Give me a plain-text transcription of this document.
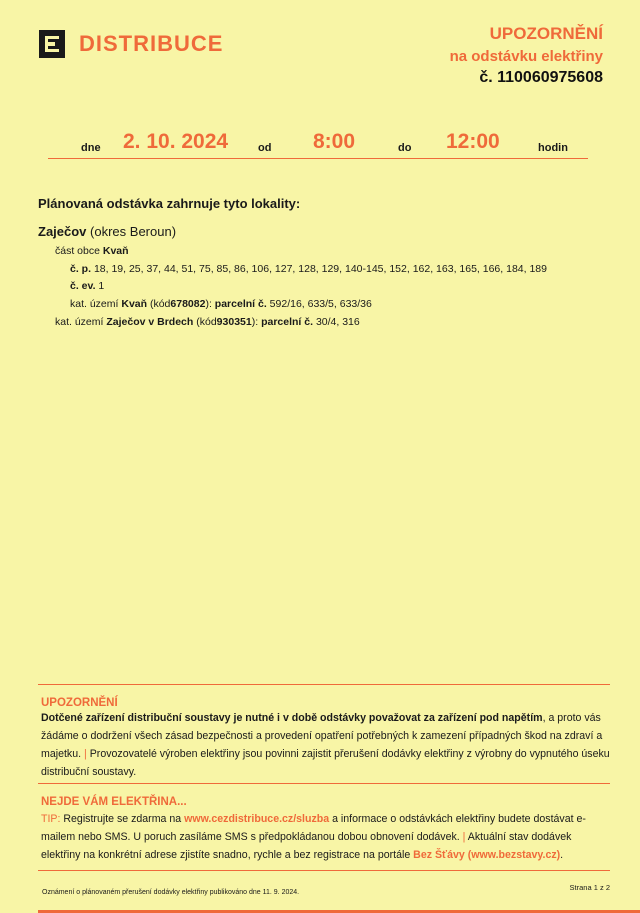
DISTRIBUCE	UPOZORNĚNÍ
na odstávku elektřiny
č. 110060975608
dne 2. 10. 2024	od 8:00	do 12:00	hodin
Plánovaná odstávka zahrnuje tyto lokality:
Zaječov (okres Beroun)
část obce Kvaň
č. p. 18, 19, 25, 37, 44, 51, 75, 85, 86, 106, 127, 128, 129, 140-145, 152, 162, 163, 165, 166, 184, 189
č. ev. 1
kat. území Kvaň (kód678082): parcelní č. 592/16, 633/5, 633/36
kat. území Zaječov v Brdech (kód930351): parcelní č. 30/4, 316
UPOZORNĚNÍ
Dotčené zařízení distribuční soustavy je nutné i v době odstávky považovat za zařízení pod napětím, a proto vás žádáme o dodržení všech zásad bezpečnosti a provedení opatření potřebných k zamezení případných škod na zdraví a majetku. | Provozovatelé výroben elektřiny jsou povinni zajistit přerušení dodávky elektřiny z výrobny do vypnutého úseku distribuční soustavy.
NEJDE VÁM ELEKTŘINA...
TIP: Registrujte se zdarma na www.cezdistribuce.cz/sluzba a informace o odstávkách elektřiny budete dostávat e-mailem nebo SMS. U poruch zasíláme SMS s předpokládanou dobou obnovení dodávek. | Aktuální stav dodávek elektřiny na konkrétní adrese zjistíte snadno, rychle a bez registrace na portále Bez Šťávy (www.bezstavy.cz).
Oznámení o plánovaném přerušení dodávky elektřiny publikováno dne 11. 9. 2024.
Strana 1 z 2
